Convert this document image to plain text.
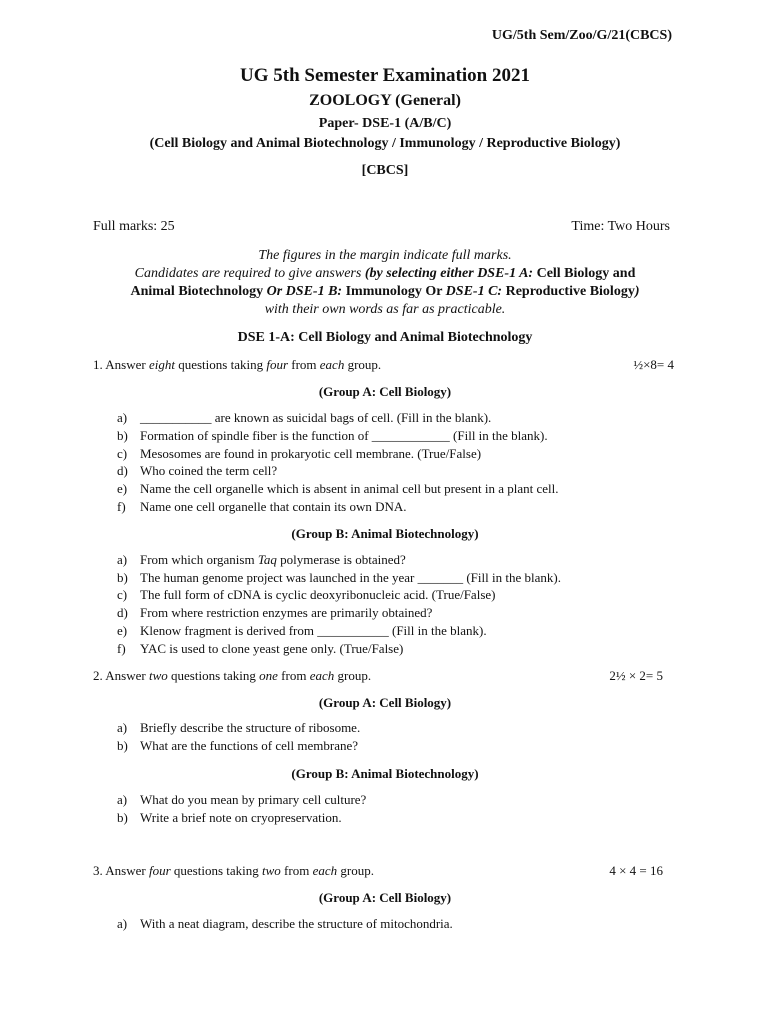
UG/5th Sem/Zoo/G/21(CBCS)
UG 5th Semester Examination 2021
ZOOLOGY (General)
Paper- DSE-1 (A/B/C)
(Cell Biology and Animal Biotechnology / Immunology / Reproductive Biology)
[CBCS]
Full marks: 25	Time: Two Hours
The figures in the margin indicate full marks.
Candidates are required to give answers (by selecting either DSE-1 A: Cell Biology and
Animal Biotechnology Or DSE-1 B: Immunology Or DSE-1 C: Reproductive Biology)
with their own words as far as practicable.
DSE 1-A: Cell Biology and Animal Biotechnology
1. Answer eight questions taking four from each group.	½×8= 4
(Group A: Cell Biology)
a) ___________ are known as suicidal bags of cell. (Fill in the blank).
b) Formation of spindle fiber is the function of ____________ (Fill in the blank).
c) Mesosomes are found in prokaryotic cell membrane. (True/False)
d) Who coined the term cell?
e) Name the cell organelle which is absent in animal cell but present in a plant cell.
f) Name one cell organelle that contain its own DNA.
(Group B: Animal Biotechnology)
a) From which organism Taq polymerase is obtained?
b) The human genome project was launched in the year _______ (Fill in the blank).
c) The full form of cDNA is cyclic deoxyribonucleic acid. (True/False)
d) From where restriction enzymes are primarily obtained?
e) Klenow fragment is derived from ___________ (Fill in the blank).
f) YAC is used to clone yeast gene only. (True/False)
2. Answer two questions taking one from each group.	2½ × 2= 5
(Group A: Cell Biology)
a) Briefly describe the structure of ribosome.
b) What are the functions of cell membrane?
(Group B: Animal Biotechnology)
a) What do you mean by primary cell culture?
b) Write a brief note on cryopreservation.
3. Answer four questions taking two from each group.	4 × 4 = 16
(Group A: Cell Biology)
a) With a neat diagram, describe the structure of mitochondria.
